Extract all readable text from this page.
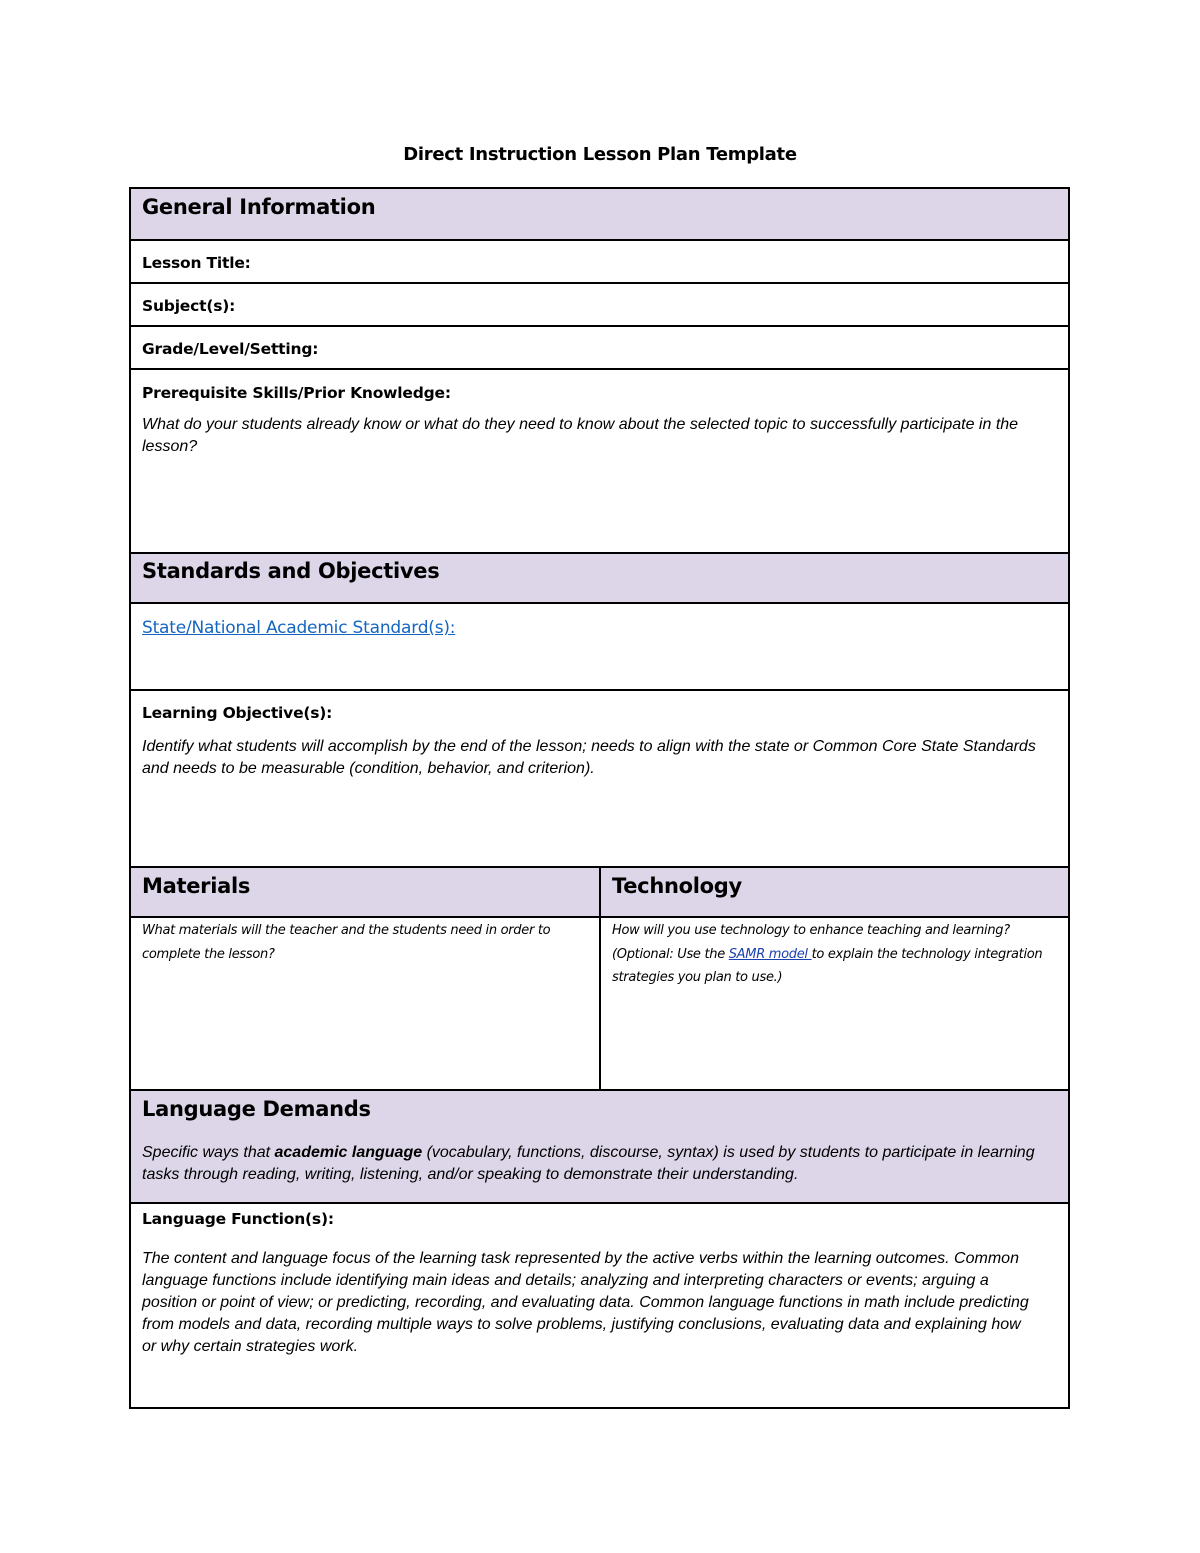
Direct Instruction Lesson Plan Template
General Information
Lesson Title:
Subject(s):
Grade/Level/Setting:
Prerequisite Skills/Prior Knowledge:
What do your students already know or what do they need to know about the selected topic to successfully participate in the lesson?
Standards and Objectives
State/National Academic Standard(s):
Learning Objective(s):
Identify what students will accomplish by the end of the lesson; needs to align with the state or Common Core State Standards and needs to be measurable (condition, behavior, and criterion).
Materials	Technology
What materials will the teacher and the students need in order to complete the lesson?
How will you use technology to enhance teaching and learning? (Optional: Use the SAMR model to explain the technology integration strategies you plan to use.)
Language Demands
Specific ways that academic language (vocabulary, functions, discourse, syntax) is used by students to participate in learning tasks through reading, writing, listening, and/or speaking to demonstrate their understanding.
Language Function(s):
The content and language focus of the learning task represented by the active verbs within the learning outcomes. Common language functions include identifying main ideas and details; analyzing and interpreting characters or events; arguing a position or point of view; or predicting, recording, and evaluating data. Common language functions in math include predicting from models and data, recording multiple ways to solve problems, justifying conclusions, evaluating data and explaining how or why certain strategies work.
